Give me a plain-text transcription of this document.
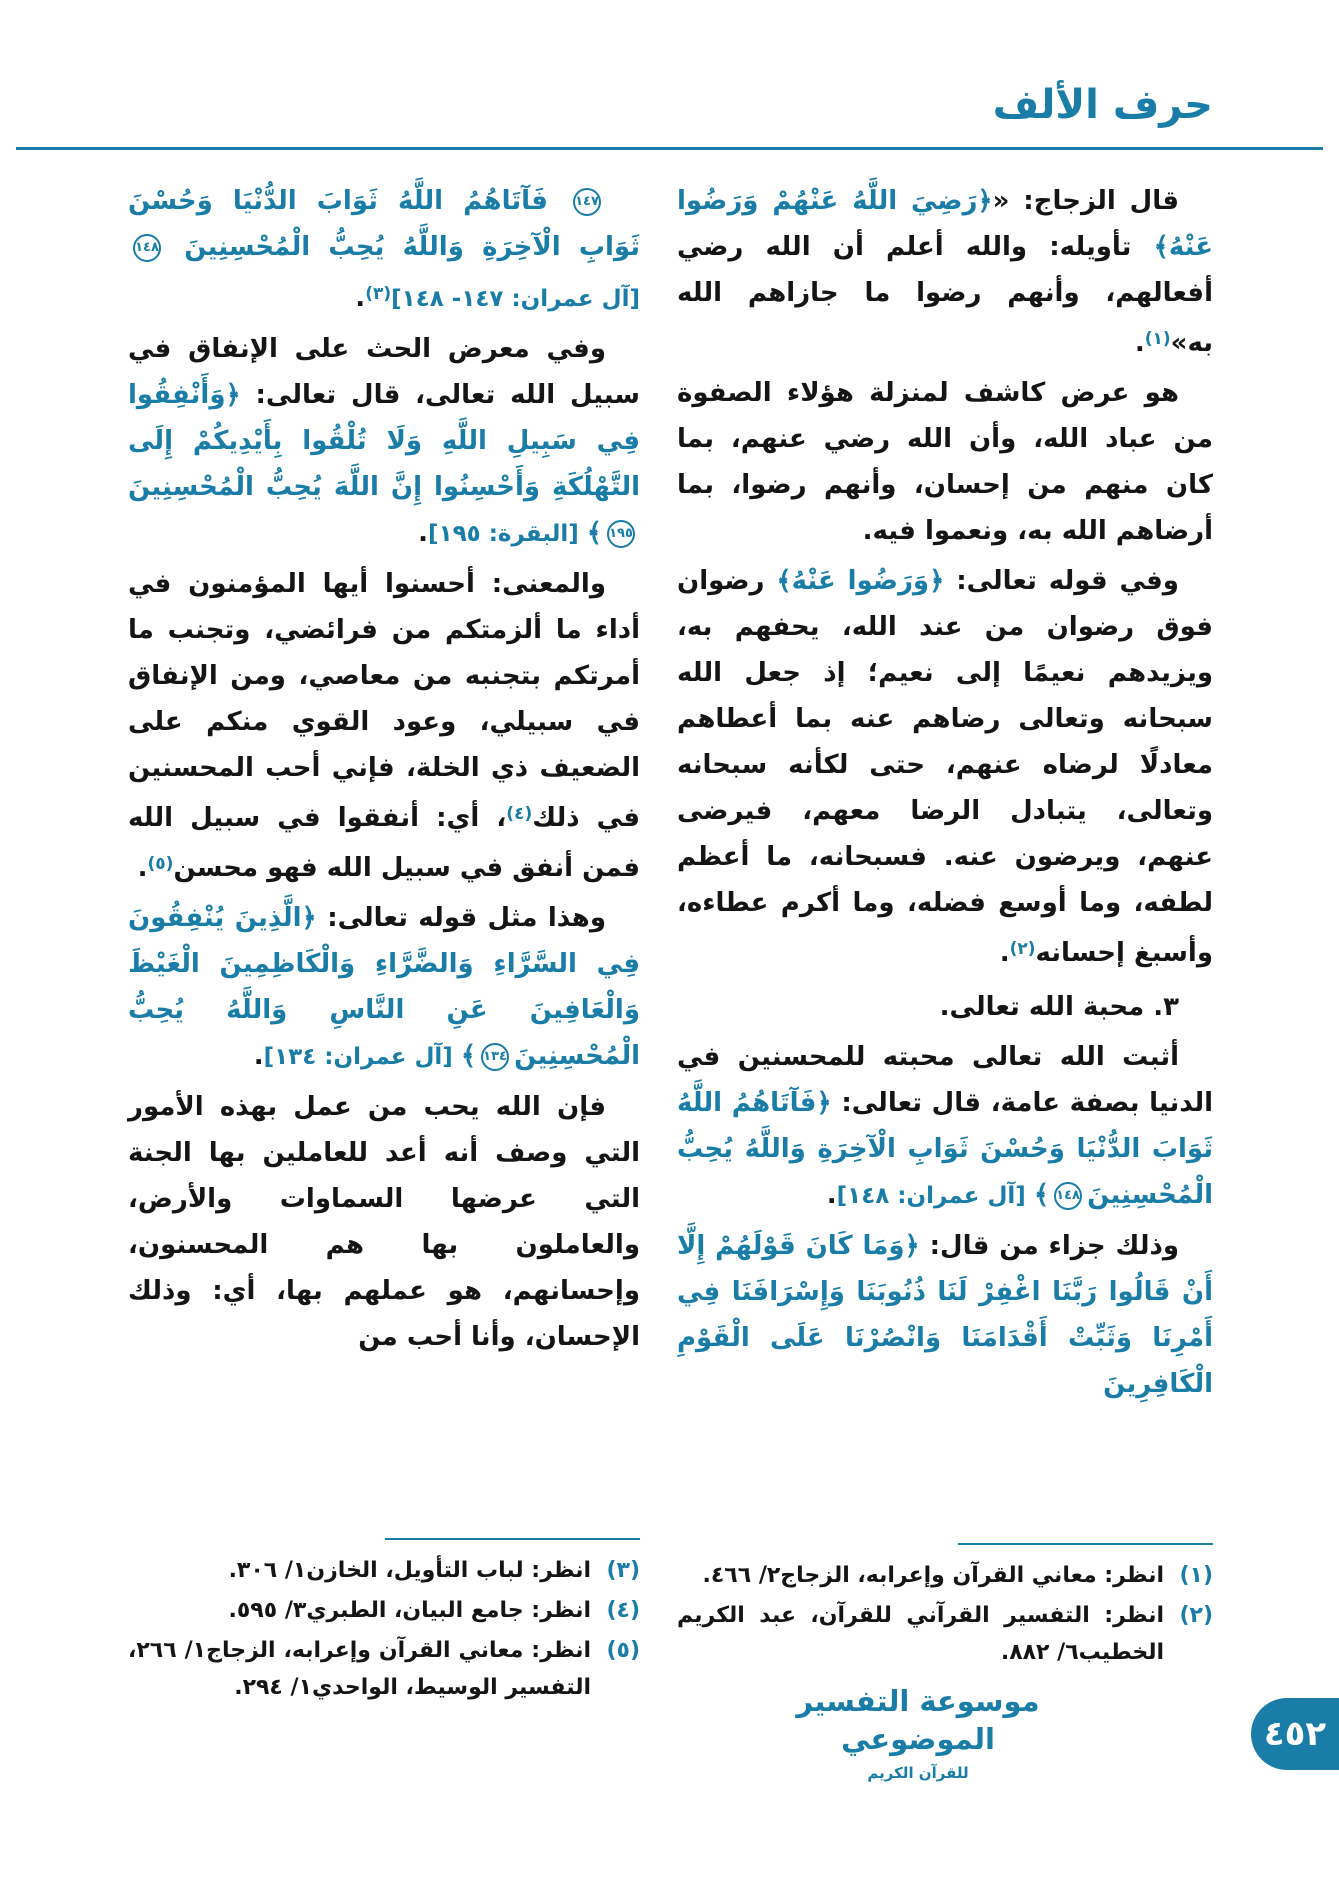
حرف الألف

قال الزجاج: «﴿رَضِيَ اللَّهُ عَنْهُمْ وَرَضُوا عَنْهُ﴾ تأويله: والله أعلم أن الله رضي أفعالهم، وأنهم رضوا ما جازاهم الله به»$^{(١)}$.

هو عرض كاشف لمنزلة هؤلاء الصفوة من عباد الله، وأن الله رضي عنهم، بما كان منهم من إحسان، وأنهم رضوا، بما أرضاهم الله به، ونعموا فيه.

وفي قوله تعالى: ﴿وَرَضُوا عَنْهُ﴾ رضوان فوق رضوان من عند الله، يحفهم به، ويزيدهم نعيمًا إلى نعيم؛ إذ جعل الله سبحانه وتعالى رضاهم عنه بما أعطاهم معادلًا لرضاه عنهم، حتى لكأنه سبحانه وتعالى، يتبادل الرضا معهم، فيرضى عنهم، ويرضون عنه. فسبحانه، ما أعظم لطفه، وما أوسع فضله، وما أكرم عطاءه، وأسبغ إحسانه$^{(٢)}$.

٣. محبة الله تعالى.

أثبت الله تعالى محبته للمحسنين في الدنيا بصفة عامة، قال تعالى: ﴿فَآتَاهُمُ اللَّهُ ثَوَابَ الدُّنْيَا وَحُسْنَ ثَوَابِ الْآخِرَةِ وَاللَّهُ يُحِبُّ الْمُحْسِنِينَ١٤٨﴾ [آل عمران: ١٤٨].

وذلك جزاء من قال: ﴿وَمَا كَانَ قَوْلَهُمْ إِلَّا أَنْ قَالُوا رَبَّنَا اغْفِرْ لَنَا ذُنُوبَنَا وَإِسْرَافَنَا فِي أَمْرِنَا وَثَبِّتْ أَقْدَامَنَا وَانْصُرْنَا عَلَى الْقَوْمِ الْكَافِرِينَ

١٤٧ فَآتَاهُمُ اللَّهُ ثَوَابَ الدُّنْيَا وَحُسْنَ ثَوَابِ الْآخِرَةِ وَاللَّهُ يُحِبُّ الْمُحْسِنِينَ ١٤٨ [آل عمران: ١٤٧- ١٤٨]$^{(٣)}$.

وفي معرض الحث على الإنفاق في سبيل الله تعالى، قال تعالى: ﴿وَأَنْفِقُوا فِي سَبِيلِ اللَّهِ وَلَا تُلْقُوا بِأَيْدِيكُمْ إِلَى التَّهْلُكَةِ وَأَحْسِنُوا إِنَّ اللَّهَ يُحِبُّ الْمُحْسِنِينَ١٩٥﴾ [البقرة: ١٩٥].

والمعنى: أحسنوا أيها المؤمنون في أداء ما ألزمتكم من فرائضي، وتجنب ما أمرتكم بتجنبه من معاصي، ومن الإنفاق في سبيلي، وعود القوي منكم على الضعيف ذي الخلة، فإني أحب المحسنين في ذلك$^{(٤)}$، أي: أنفقوا في سبيل الله فمن أنفق في سبيل الله فهو محسن$^{(٥)}$.

وهذا مثل قوله تعالى: ﴿الَّذِينَ يُنْفِقُونَ فِي السَّرَّاءِ وَالضَّرَّاءِ وَالْكَاظِمِينَ الْغَيْظَ وَالْعَافِينَ عَنِ النَّاسِ وَاللَّهُ يُحِبُّ الْمُحْسِنِينَ١٣٤﴾ [آل عمران: ١٣٤].

فإن الله يحب من عمل بهذه الأمور التي وصف أنه أعد للعاملين بها الجنة التي عرضها السماوات والأرض، والعاملون بها هم المحسنون، وإحسانهم، هو عملهم بها، أي: وذلك الإحسان، وأنا أحب من

(١)
انظر: معاني القرآن وإعرابه، الزجاج٢/ ٤٦٦.
(٢)
انظر: التفسير القرآني للقرآن، عبد الكريم الخطيب٦/ ٨٨٢.
(٣)
انظر: لباب التأويل، الخازن١/ ٣٠٦.
(٤)
انظر: جامع البيان، الطبري٣/ ٥٩٥.
(٥)
انظر: معاني القرآن وإعرابه، الزجاج١/ ٢٦٦، التفسير الوسيط، الواحدي١/ ٢٩٤.	موسوعة التفسير الموضوعي
للقرآن الكريم
٤٥٢
